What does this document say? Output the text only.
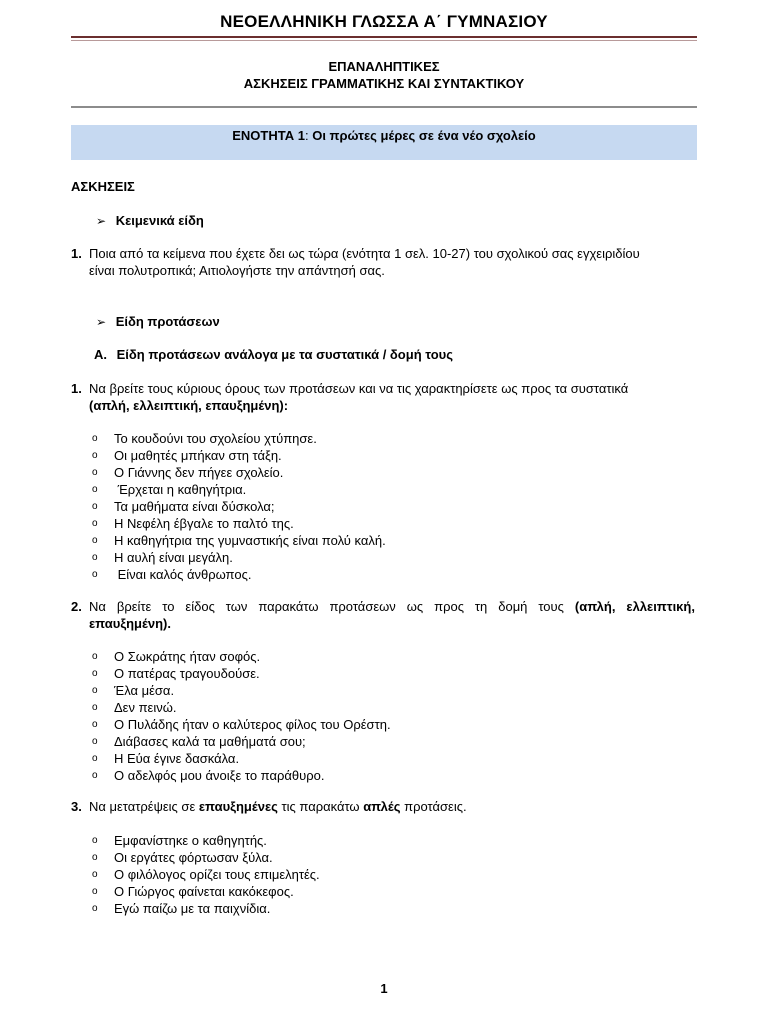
ΝΕΟΕΛΛΗΝΙΚΗ ΓΛΩΣΣΑ Α΄ ΓΥΜΝΑΣΙΟΥ
ΕΠΑΝΑΛΗΠΤΙΚΕΣ
ΑΣΚΗΣΕΙΣ ΓΡΑΜΜΑΤΙΚΗΣ ΚΑΙ ΣΥΝΤΑΚΤΙΚΟΥ
ΕΝΟΤΗΤΑ 1: Οι πρώτες μέρες σε ένα νέο σχολείο
ΑΣΚΗΣΕΙΣ
➢ Κειμενικά είδη
1. Ποια από τα κείμενα που έχετε δει ως τώρα (ενότητα 1 σελ. 10-27) του σχολικού σας εγχειριδίου
είναι πολυτροπικά; Αιτιολογήστε την απάντησή σας.
➢ Είδη προτάσεων
Α. Είδη προτάσεων ανάλογα με τα συστατικά / δομή τους
1. Να βρείτε τους κύριους όρους των προτάσεων και να τις χαρακτηρίσετε ως προς τα συστατικά
(απλή, ελλειπτική, επαυξημένη):
o	Το κουδούνι του σχολείου χτύπησε.
o	Οι μαθητές μπήκαν στη τάξη.
o	Ο Γιάννης δεν πήγεε σχολείο.
o	Έρχεται η καθηγήτρια.
o	Τα μαθήματα είναι δύσκολα;
o	Η Νεφέλη έβγαλε το παλτό της.
o	Η καθηγήτρια της γυμναστικής είναι πολύ καλή.
o	Η αυλή είναι μεγάλη.
o	Είναι καλός άνθρωπος.
2. Να βρείτε το είδος των παρακάτω προτάσεων ως προς τη δομή τους (απλή, ελλειπτική,
επαυξημένη).
o	Ο Σωκράτης ήταν σοφός.
o	Ο πατέρας τραγουδούσε.
o	Έλα μέσα.
o	Δεν πεινώ.
o	Ο Πυλάδης ήταν ο καλύτερος φίλος του Ορέστη.
o	Διάβασες καλά τα μαθήματά σου;
o	Η Εύα έγινε δασκάλα.
o	Ο αδελφός μου άνοιξε το παράθυρο.
3. Να μετατρέψεις σε επαυξημένες τις παρακάτω απλές προτάσεις.
o	Εμφανίστηκε ο καθηγητής.
o	Οι εργάτες φόρτωσαν ξύλα.
o	Ο φιλόλογος ορίζει τους επιμελητές.
o	Ο Γιώργος φαίνεται κακόκεφος.
o	Εγώ παίζω με τα παιχνίδια.
1
